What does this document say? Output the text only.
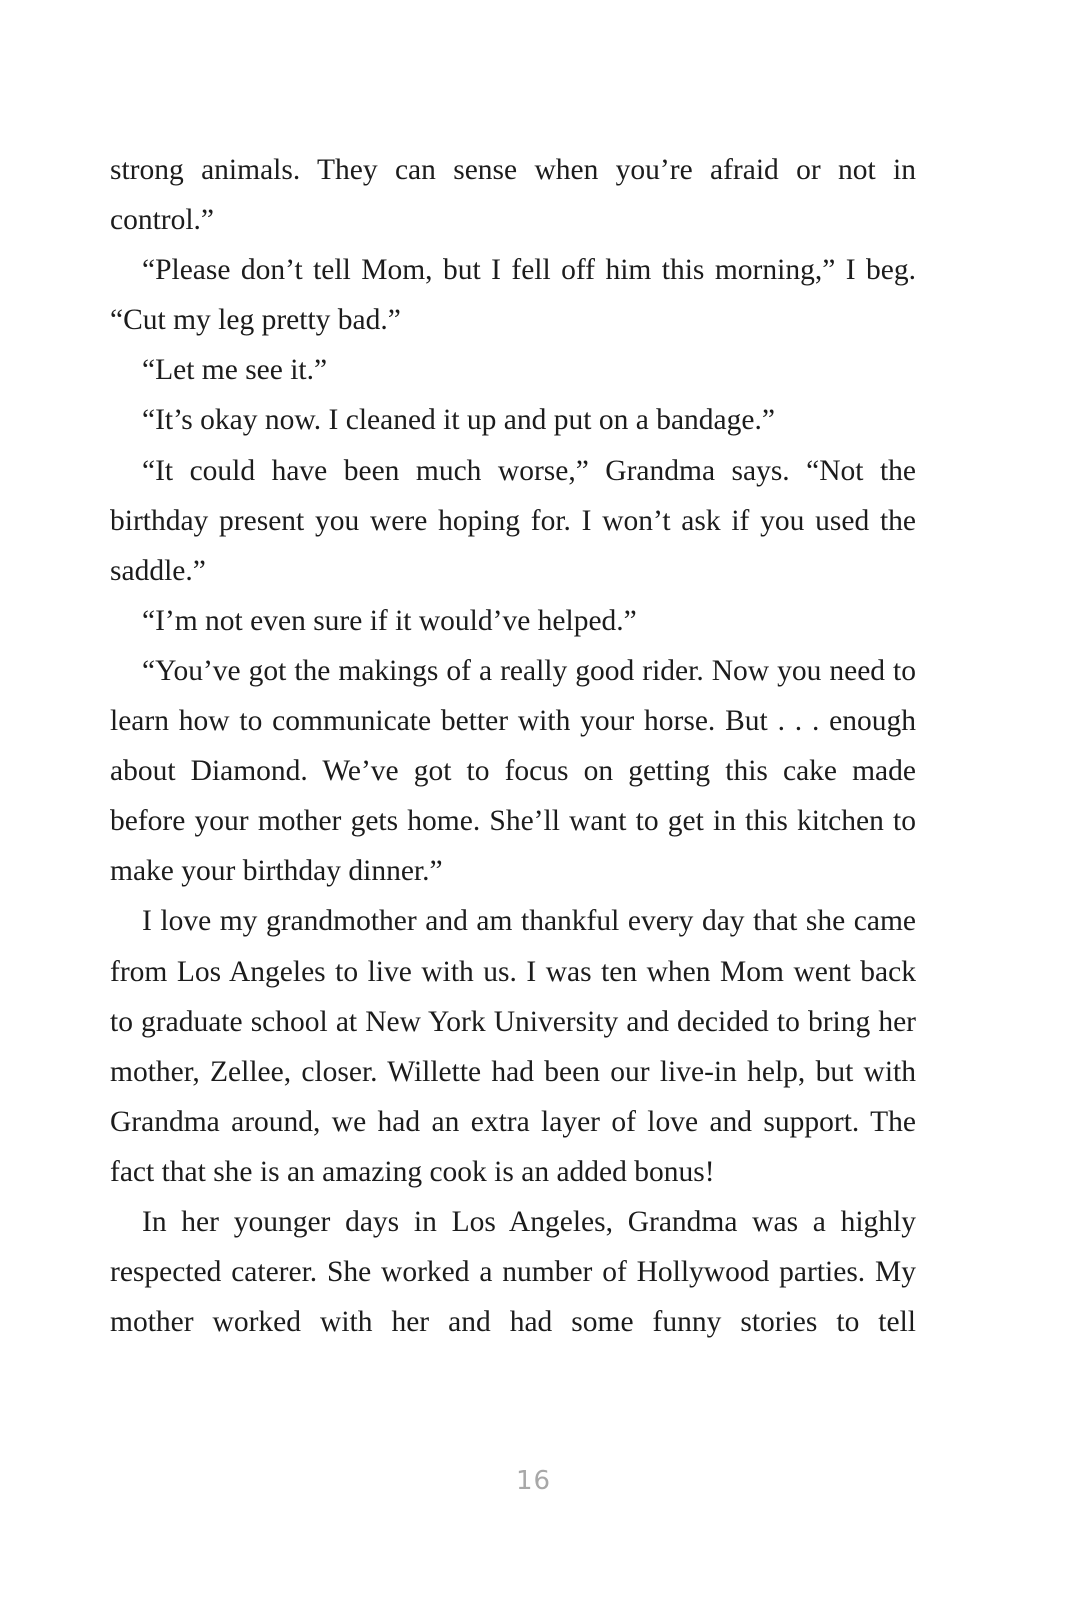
strong animals. They can sense when you’re afraid or not in control.”

“Please don’t tell Mom, but I fell off him this morning,” I beg. “Cut my leg pretty bad.”

“Let me see it.”

“It’s okay now. I cleaned it up and put on a bandage.”

“It could have been much worse,” Grandma says. “Not the birthday present you were hoping for. I won’t ask if you used the saddle.”

“I’m not even sure if it would’ve helped.”

“You’ve got the makings of a really good rider. Now you need to learn how to communicate better with your horse. But . . . enough about Diamond. We’ve got to focus on getting this cake made before your mother gets home. She’ll want to get in this kitchen to make your birthday dinner.”

I love my grandmother and am thankful every day that she came from Los Angeles to live with us. I was ten when Mom went back to graduate school at New York University and decided to bring her mother, Zellee, closer. Willette had been our live-in help, but with Grandma around, we had an extra layer of love and support. The fact that she is an amazing cook is an added bonus!

In her younger days in Los Angeles, Grandma was a highly respected caterer. She worked a number of Hollywood parties. My mother worked with her and had some funny stories to tell

16
